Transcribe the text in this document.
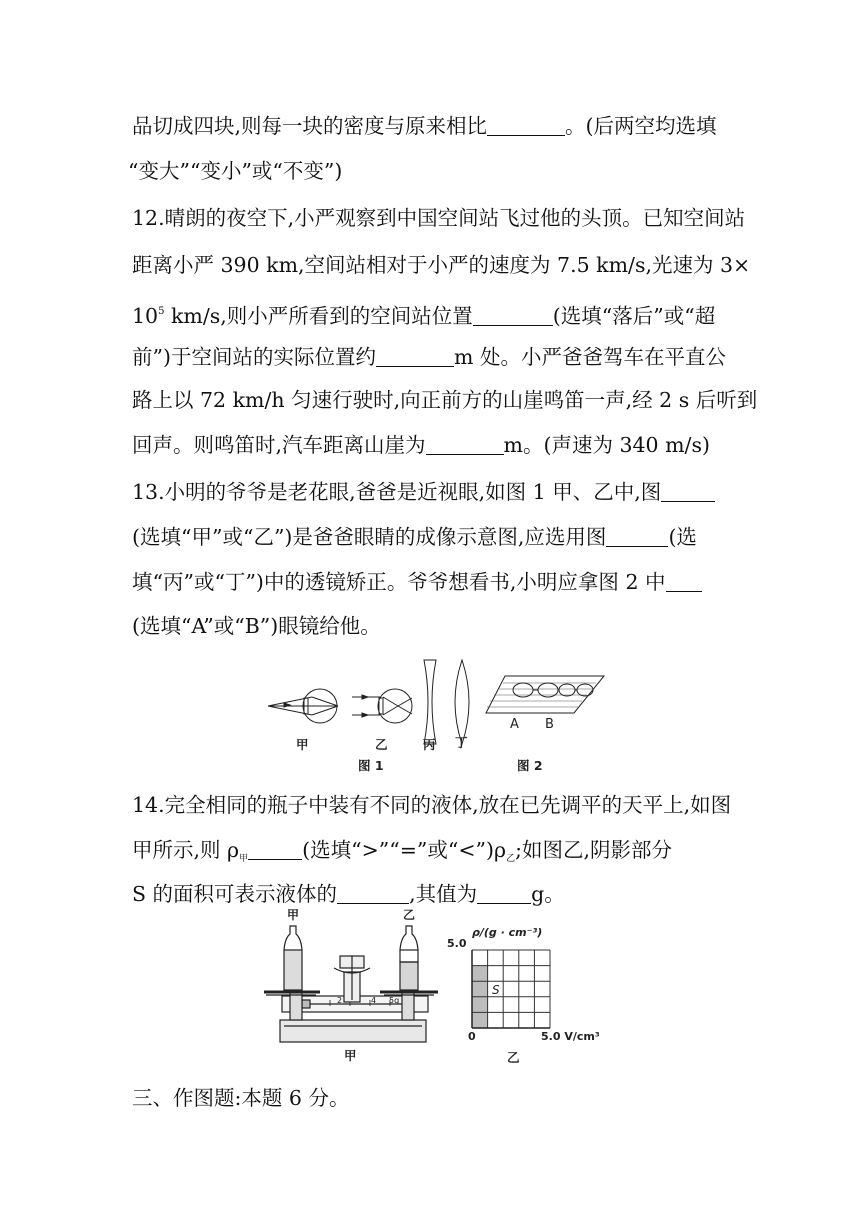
品切成四块,则每一块的密度与原来相比	。(后两空均选填
“变大”“变小”或“不变”)
12.晴朗的夜空下,小严观察到中国空间站飞过他的头顶。已知空间站
距离小严 390 km,空间站相对于小严的速度为 7.5 km/s,光速为 3×
$10^5$ km/s,则小严所看到的空间站位置	(选填“落后”或“超
前”)于空间站的实际位置约	m 处。小严爸爸驾车在平直公
路上以 72 km/h 匀速行驶时,向正前方的山崖鸣笛一声,经 2 s 后听到
回声。则鸣笛时,汽车距离山崖为	m。(声速为 340 m/s)
13.小明的爷爷是老花眼,爸爸是近视眼,如图 1 甲、乙中,图
(选填“甲”或“乙”)是爸爸眼睛的成像示意图,应选用图	(选
填“丙”或“丁”)中的透镜矫正。爷爷想看书,小明应拿图 2 中
(选填“A”或“B”)眼镜给他。
甲	乙	丙 丁
A B
图 1	图 2
14.完全相同的瓶子中装有不同的液体,放在已先调平的天平上,如图
甲所示,则 $\rho_甲$	(选填“>”“=”或“$<”)\rho_乙$;如图乙,阴影部分
S 的面积可表示液体的	,其值为	g。
甲	乙
2	4 5g
甲
ρ/(g · cm⁻³)
5.0
0	5.0 V/cm³
S
乙
三、作图题:本题 6 分。
